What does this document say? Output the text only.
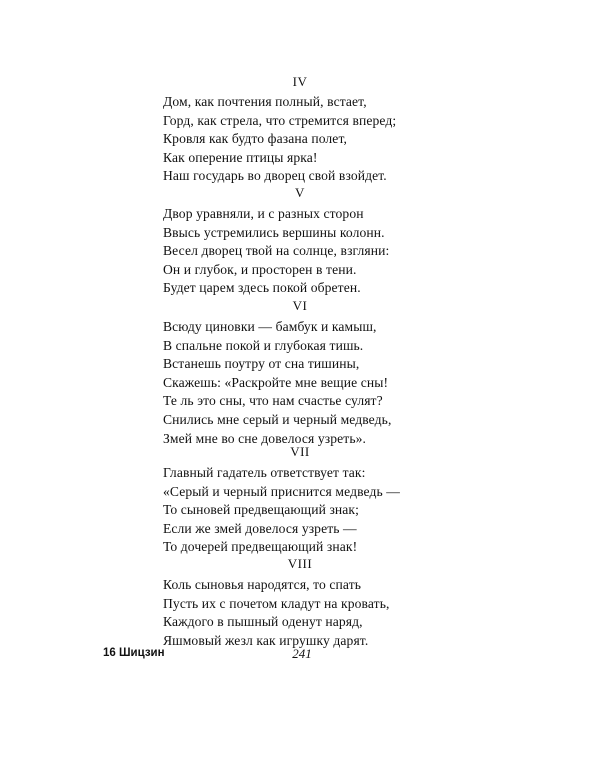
IV
Дом, как почтения полный, встает,
Горд, как стрела, что стремится вперед;
Кровля как будто фазана полет,
Как оперение птицы ярка!
Наш государь во дворец свой взойдет.
V
Двор уравняли, и с разных сторон
Ввысь устремились вершины колонн.
Весел дворец твой на солнце, взгляни:
Он и глубок, и просторен в тени.
Будет царем здесь покой обретен.
VI
Всюду циновки — бамбук и камыш,
В спальне покой и глубокая тишь.
Встанешь поутру от сна тишины,
Скажешь: «Раскройте мне вещие сны!
Те ль это сны, что нам счастье сулят?
Снились мне серый и черный медведь,
Змей мне во сне довелося узреть».
VII
Главный гадатель ответствует так:
«Серый и черный приснится медведь —
То сыновей предвещающий знак;
Если же змей довелося узреть —
То дочерей предвещающий знак!
VIII
Коль сыновья народятся, то спать
Пусть их с почетом кладут на кровать,
Каждого в пышный оденут наряд,
Яшмовый жезл как игрушку дарят.
16 Шицзин	241
